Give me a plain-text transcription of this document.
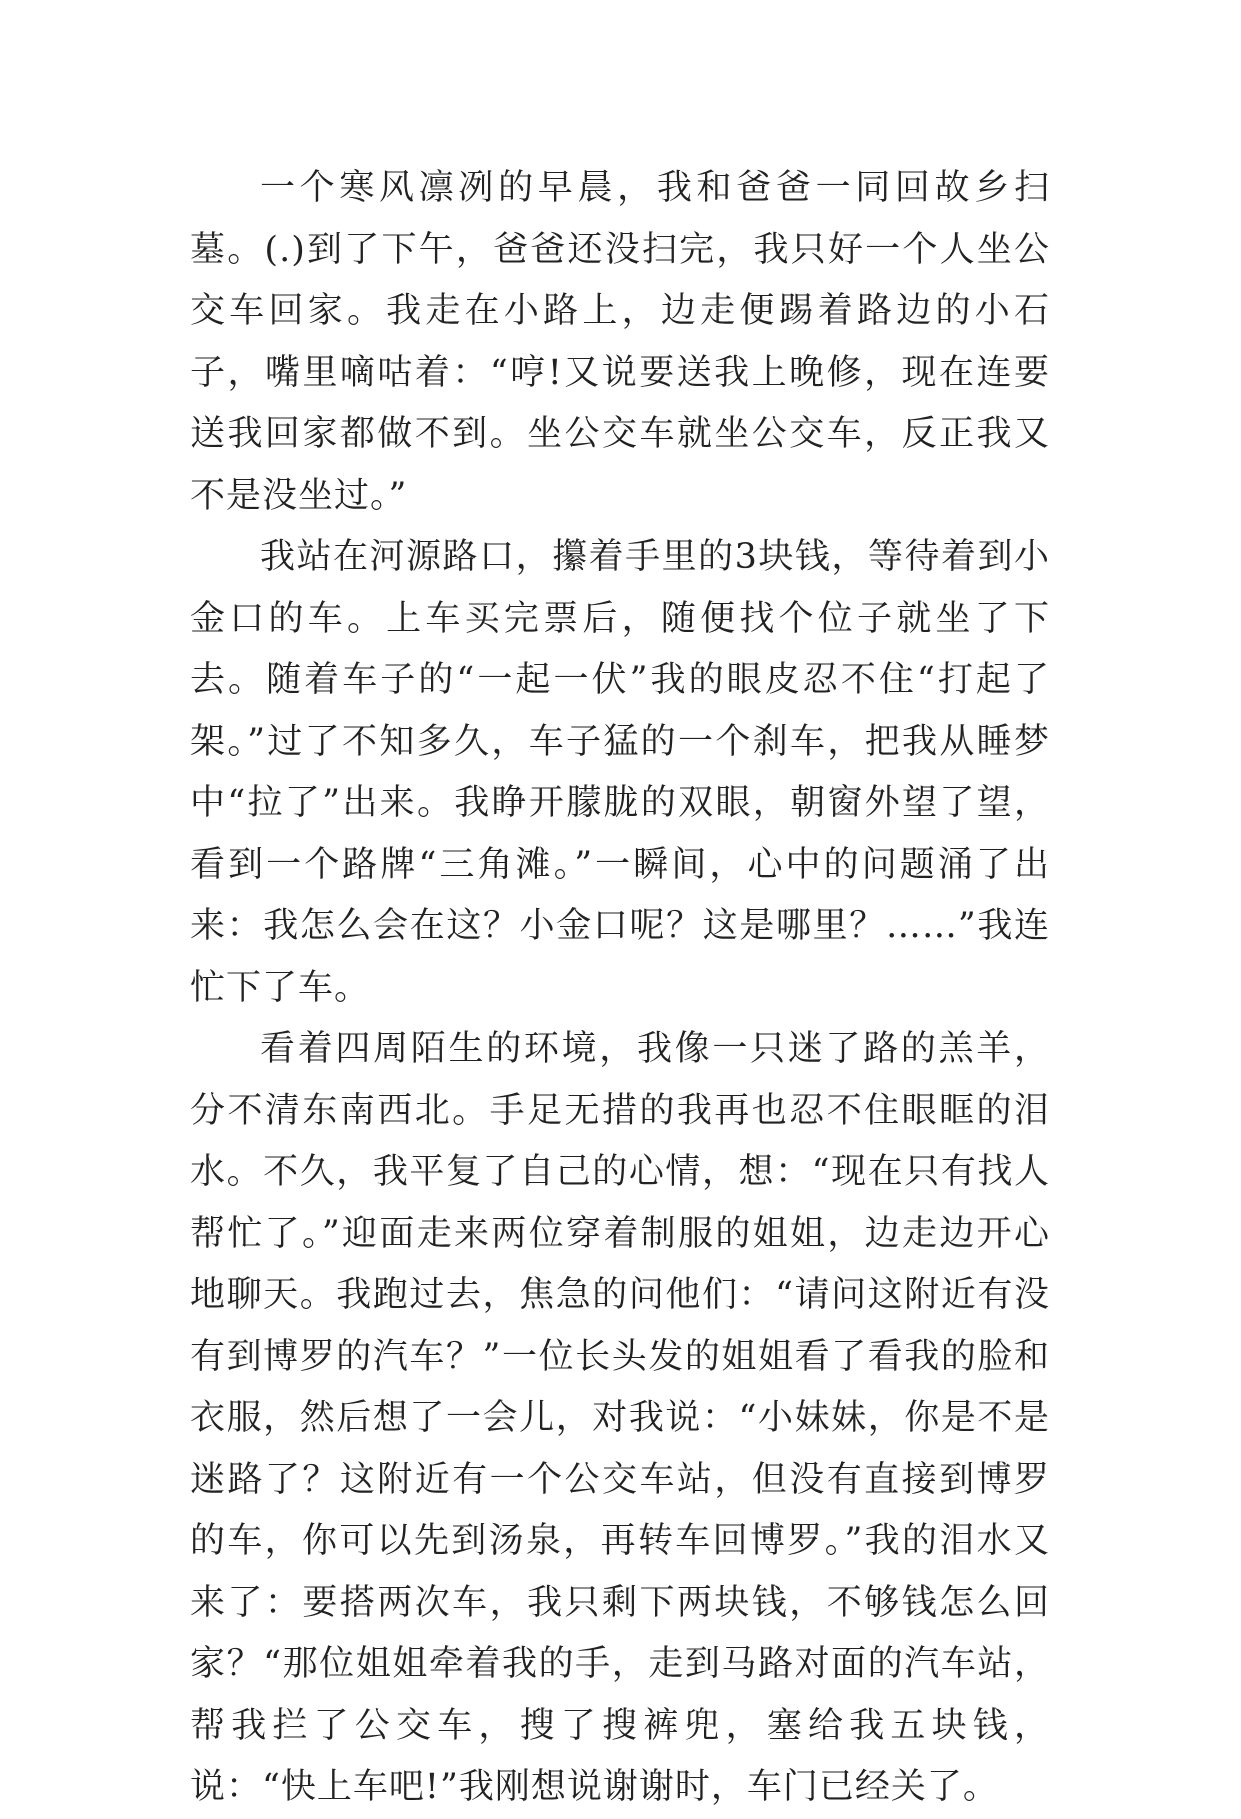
一个寒风凛冽的早晨，我和爸爸一同回故乡扫墓。(.)到了下午，爸爸还没扫完，我只好一个人坐公交车回家。我走在小路上，边走便踢着路边的小石子，嘴里嘀咕着：“哼!又说要送我上晚修，现在连要送我回家都做不到。坐公交车就坐公交车，反正我又不是没坐过。”

我站在河源路口，攥着手里的3块钱，等待着到小金口的车。上车买完票后，随便找个位子就坐了下去。随着车子的“一起一伏”我的眼皮忍不住“打起了架。”过了不知多久，车子猛的一个刹车，把我从睡梦中“拉了”出来。我睁开朦胧的双眼，朝窗外望了望，看到一个路牌“三角滩。”一瞬间，心中的问题涌了出来：我怎么会在这？小金口呢？这是哪里？……”我连忙下了车。

看着四周陌生的环境，我像一只迷了路的羔羊，分不清东南西北。手足无措的我再也忍不住眼眶的泪水。不久，我平复了自己的心情，想：“现在只有找人帮忙了。”迎面走来两位穿着制服的姐姐，边走边开心地聊天。我跑过去，焦急的问他们：“请问这附近有没有到博罗的汽车？”一位长头发的姐姐看了看我的脸和衣服，然后想了一会儿，对我说：“小妹妹，你是不是迷路了？这附近有一个公交车站，但没有直接到博罗的车，你可以先到汤泉，再转车回博罗。”我的泪水又来了：要搭两次车，我只剩下两块钱，不够钱怎么回家？“那位姐姐牵着我的手，走到马路对面的汽车站，帮我拦了公交车，搜了搜裤兜，塞给我五块钱，说：“快上车吧!”我刚想说谢谢时，车门已经关了。
